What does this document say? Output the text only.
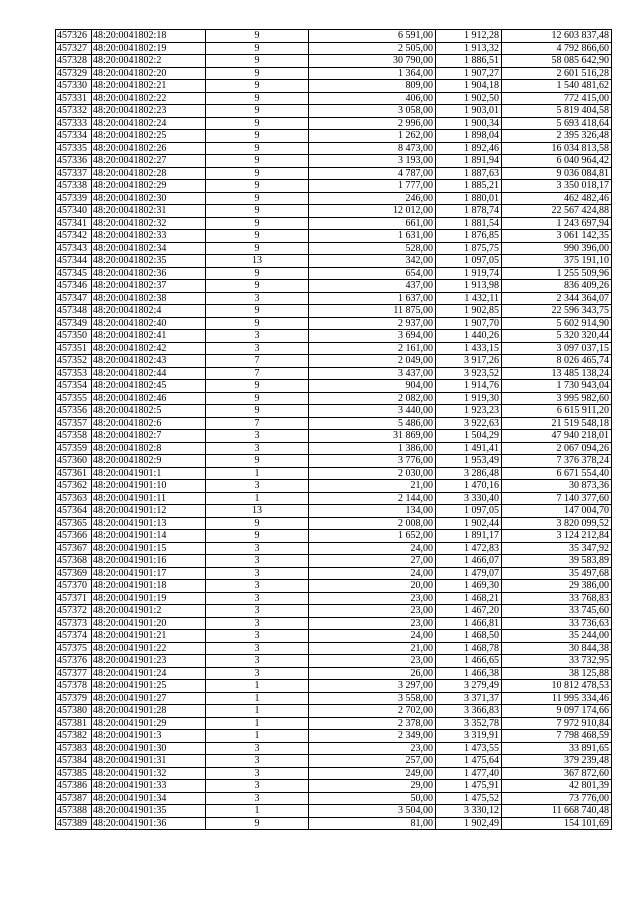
457326	48:20:0041802:18	9	6 591,00	1 912,28	12 603 837,48
457327	48:20:0041802:19	9	2 505,00	1 913,32	4 792 866,60
457328	48:20:0041802:2	9	30 790,00	1 886,51	58 085 642,90
457329	48:20:0041802:20	9	1 364,00	1 907,27	2 601 516,28
457330	48:20:0041802:21	9	809,00	1 904,18	1 540 481,62
457331	48:20:0041802:22	9	406,00	1 902,50	772 415,00
457332	48:20:0041802:23	9	3 058,00	1 903,01	5 819 404,58
457333	48:20:0041802:24	9	2 996,00	1 900,34	5 693 418,64
457334	48:20:0041802:25	9	1 262,00	1 898,04	2 395 326,48
457335	48:20:0041802:26	9	8 473,00	1 892,46	16 034 813,58
457336	48:20:0041802:27	9	3 193,00	1 891,94	6 040 964,42
457337	48:20:0041802:28	9	4 787,00	1 887,63	9 036 084,81
457338	48:20:0041802:29	9	1 777,00	1 885,21	3 350 018,17
457339	48:20:0041802:30	9	246,00	1 880,01	462 482,46
457340	48:20:0041802:31	9	12 012,00	1 878,74	22 567 424,88
457341	48:20:0041802:32	9	661,00	1 881,54	1 243 697,94
457342	48:20:0041802:33	9	1 631,00	1 876,85	3 061 142,35
457343	48:20:0041802:34	9	528,00	1 875,75	990 396,00
457344	48:20:0041802:35	13	342,00	1 097,05	375 191,10
457345	48:20:0041802:36	9	654,00	1 919,74	1 255 509,96
457346	48:20:0041802:37	9	437,00	1 913,98	836 409,26
457347	48:20:0041802:38	3	1 637,00	1 432,11	2 344 364,07
457348	48:20:0041802:4	9	11 875,00	1 902,85	22 596 343,75
457349	48:20:0041802:40	9	2 937,00	1 907,70	5 602 914,90
457350	48:20:0041802:41	3	3 694,00	1 440,26	5 320 320,44
457351	48:20:0041802:42	3	2 161,00	1 433,15	3 097 037,15
457352	48:20:0041802:43	7	2 049,00	3 917,26	8 026 465,74
457353	48:20:0041802:44	7	3 437,00	3 923,52	13 485 138,24
457354	48:20:0041802:45	9	904,00	1 914,76	1 730 943,04
457355	48:20:0041802:46	9	2 082,00	1 919,30	3 995 982,60
457356	48:20:0041802:5	9	3 440,00	1 923,23	6 615 911,20
457357	48:20:0041802:6	7	5 486,00	3 922,63	21 519 548,18
457358	48:20:0041802:7	3	31 869,00	1 504,29	47 940 218,01
457359	48:20:0041802:8	3	1 386,00	1 491,41	2 067 094,26
457360	48:20:0041802:9	9	3 776,00	1 953,49	7 376 378,24
457361	48:20:0041901:1	1	2 030,00	3 286,48	6 671 554,40
457362	48:20:0041901:10	3	21,00	1 470,16	30 873,36
457363	48:20:0041901:11	1	2 144,00	3 330,40	7 140 377,60
457364	48:20:0041901:12	13	134,00	1 097,05	147 004,70
457365	48:20:0041901:13	9	2 008,00	1 902,44	3 820 099,52
457366	48:20:0041901:14	9	1 652,00	1 891,17	3 124 212,84
457367	48:20:0041901:15	3	24,00	1 472,83	35 347,92
457368	48:20:0041901:16	3	27,00	1 466,07	39 583,89
457369	48:20:0041901:17	3	24,00	1 479,07	35 497,68
457370	48:20:0041901:18	3	20,00	1 469,30	29 386,00
457371	48:20:0041901:19	3	23,00	1 468,21	33 768,83
457372	48:20:0041901:2	3	23,00	1 467,20	33 745,60
457373	48:20:0041901:20	3	23,00	1 466,81	33 736,63
457374	48:20:0041901:21	3	24,00	1 468,50	35 244,00
457375	48:20:0041901:22	3	21,00	1 468,78	30 844,38
457376	48:20:0041901:23	3	23,00	1 466,65	33 732,95
457377	48:20:0041901:24	3	26,00	1 466,38	38 125,88
457378	48:20:0041901:25	1	3 297,00	3 279,49	10 812 478,53
457379	48:20:0041901:27	1	3 558,00	3 371,37	11 995 334,46
457380	48:20:0041901:28	1	2 702,00	3 366,83	9 097 174,66
457381	48:20:0041901:29	1	2 378,00	3 352,78	7 972 910,84
457382	48:20:0041901:3	1	2 349,00	3 319,91	7 798 468,59
457383	48:20:0041901:30	3	23,00	1 473,55	33 891,65
457384	48:20:0041901:31	3	257,00	1 475,64	379 239,48
457385	48:20:0041901:32	3	249,00	1 477,40	367 872,60
457386	48:20:0041901:33	3	29,00	1 475,91	42 801,39
457387	48:20:0041901:34	3	50,00	1 475,52	73 776,00
457388	48:20:0041901:35	1	3 504,00	3 330,12	11 668 740,48
457389	48:20:0041901:36	9	81,00	1 902,49	154 101,69
